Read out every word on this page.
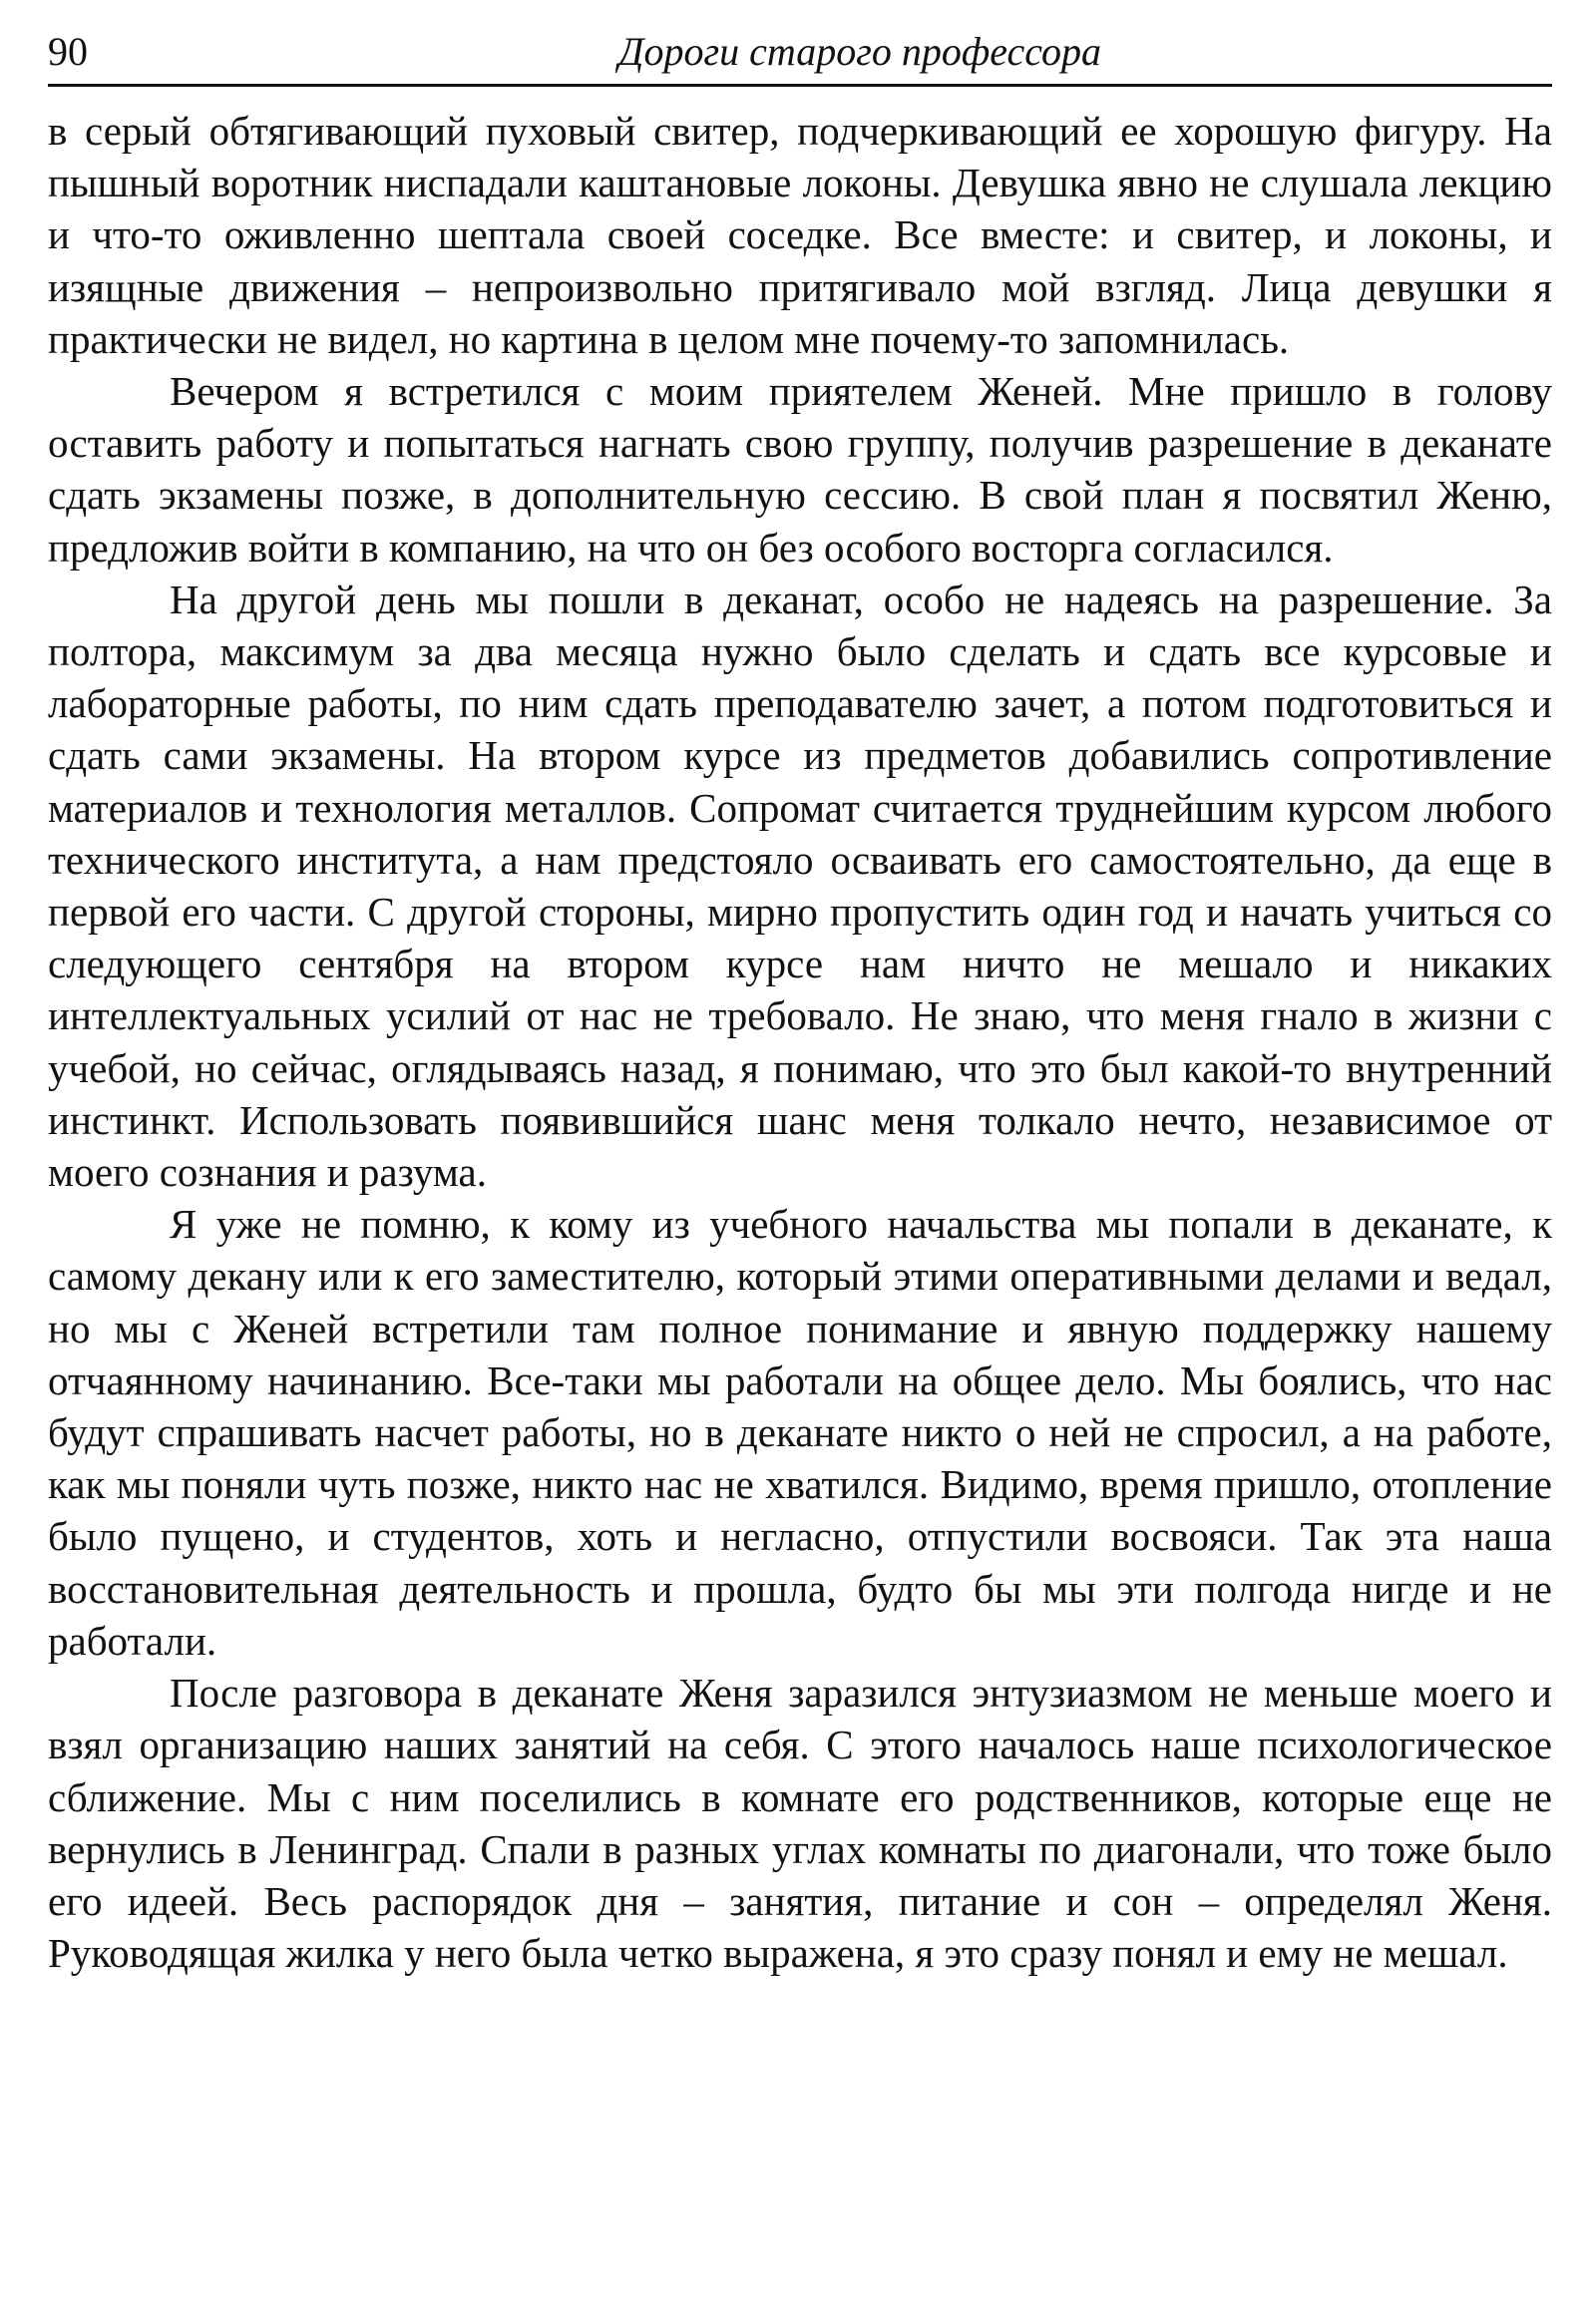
90	Дороги старого профессора

в серый обтягивающий пуховый свитер, подчеркивающий ее хорошую фигуру. На пышный воротник ниспадали каштановые локоны. Девушка явно не слушала лекцию и что-то оживленно шептала своей соседке. Все вместе: и свитер, и локоны, и изящные движения – непроизвольно притягивало мой взгляд. Лица девушки я практически не видел, но картина в целом мне почему-то запомнилась.

Вечером я встретился с моим приятелем Женей. Мне пришло в голову оставить работу и попытаться нагнать свою группу, получив разрешение в деканате сдать экзамены позже, в дополнительную сессию. В свой план я посвятил Женю, предложив войти в компанию, на что он без особого восторга согласился.

На другой день мы пошли в деканат, особо не надеясь на разрешение. За полтора, максимум за два месяца нужно было сделать и сдать все курсовые и лабораторные работы, по ним сдать преподавателю зачет, а потом подготовиться и сдать сами экзамены. На втором курсе из предметов добавились сопротивление материалов и технология металлов. Сопромат считается труднейшим курсом любого технического института, а нам предстояло осваивать его самостоятельно, да еще в первой его части. С другой стороны, мирно пропустить один год и начать учиться со следующего сентября на втором курсе нам ничто не мешало и никаких интеллектуальных усилий от нас не требовало. Не знаю, что меня гнало в жизни с учебой, но сейчас, оглядываясь назад, я понимаю, что это был какой-то внутренний инстинкт. Использовать появившийся шанс меня толкало нечто, независимое от моего сознания и разума.

Я уже не помню, к кому из учебного начальства мы попали в деканате, к самому декану или к его заместителю, который этими оперативными делами и ведал, но мы с Женей встретили там полное понимание и явную поддержку нашему отчаянному начинанию. Все-таки мы работали на общее дело. Мы боялись, что нас будут спрашивать насчет работы, но в деканате никто о ней не спросил, а на работе, как мы поняли чуть позже, никто нас не хватился. Видимо, время пришло, отопление было пущено, и студентов, хоть и негласно, отпустили восвояси. Так эта наша восстановительная деятельность и прошла, будто бы мы эти полгода нигде и не работали.

После разговора в деканате Женя заразился энтузиазмом не меньше моего и взял организацию наших занятий на себя. С этого началось наше психологическое сближение. Мы с ним поселились в комнате его родственников, которые еще не вернулись в Ленинград. Спали в разных углах комнаты по диагонали, что тоже было его идеей. Весь распорядок дня – занятия, питание и сон – определял Женя. Руководящая жилка у него была четко выражена, я это сразу понял и ему не мешал.
